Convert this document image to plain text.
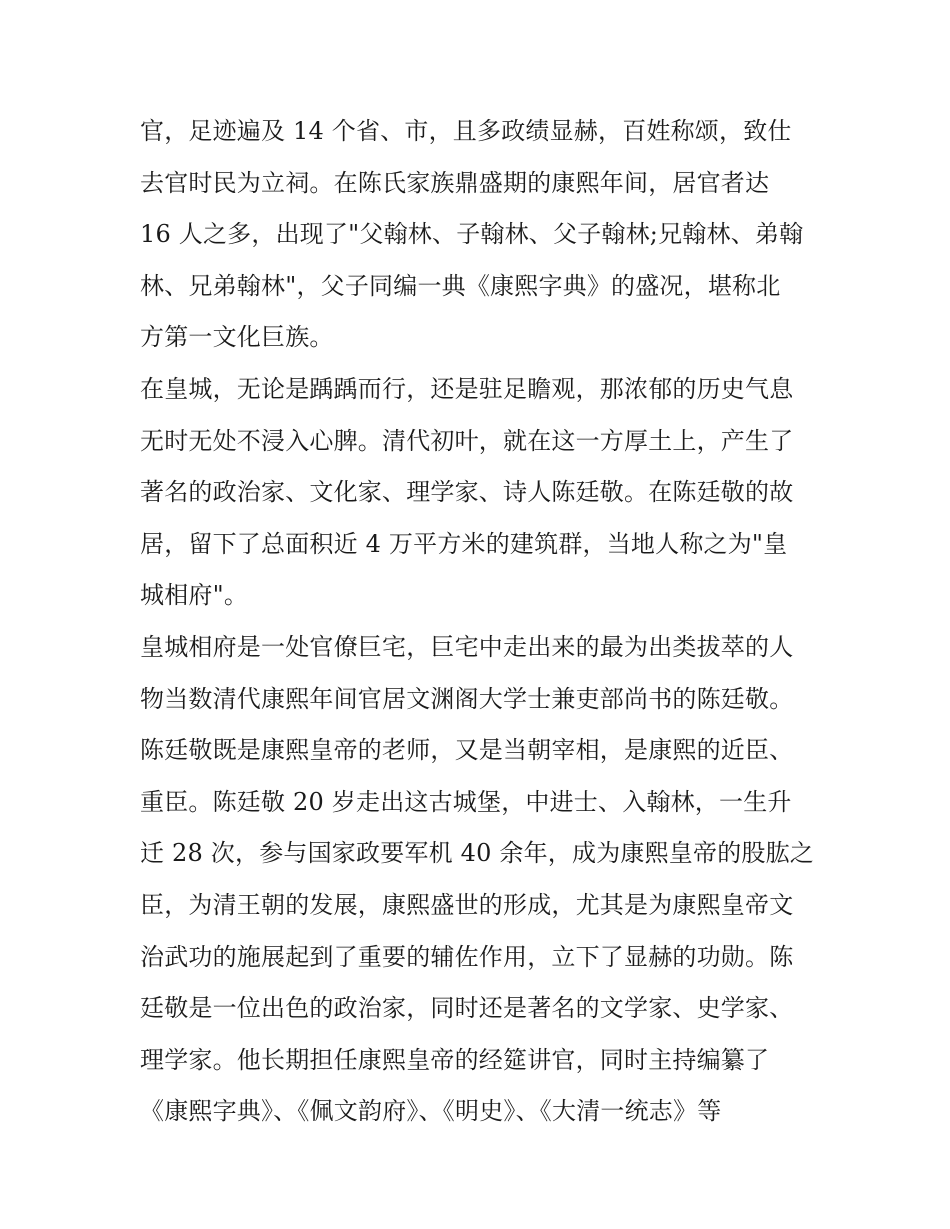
官，足迹遍及 14 个省、市，且多政绩显赫，百姓称颂，致仕
去官时民为立祠。在陈氏家族鼎盛期的康熙年间，居官者达
16 人之多，出现了"父翰林、子翰林、父子翰林;兄翰林、弟翰
林、兄弟翰林"，父子同编一典《康熙字典》的盛况，堪称北
方第一文化巨族。
在皇城，无论是踽踽而行，还是驻足瞻观，那浓郁的历史气息
无时无处不浸入心脾。清代初叶，就在这一方厚土上，产生了
著名的政治家、文化家、理学家、诗人陈廷敬。在陈廷敬的故
居，留下了总面积近 4 万平方米的建筑群，当地人称之为"皇
城相府"。
皇城相府是一处官僚巨宅，巨宅中走出来的最为出类拔萃的人
物当数清代康熙年间官居文渊阁大学士兼吏部尚书的陈廷敬。
陈廷敬既是康熙皇帝的老师，又是当朝宰相，是康熙的近臣、
重臣。陈廷敬 20 岁走出这古城堡，中进士、入翰林，一生升
迁 28 次，参与国家政要军机 40 余年，成为康熙皇帝的股肱之
臣，为清王朝的发展，康熙盛世的形成，尤其是为康熙皇帝文
治武功的施展起到了重要的辅佐作用，立下了显赫的功勋。陈
廷敬是一位出色的政治家，同时还是著名的文学家、史学家、
理学家。他长期担任康熙皇帝的经筵讲官，同时主持编纂了
《康熙字典》、《佩文韵府》、《明史》、《大清一统志》等
